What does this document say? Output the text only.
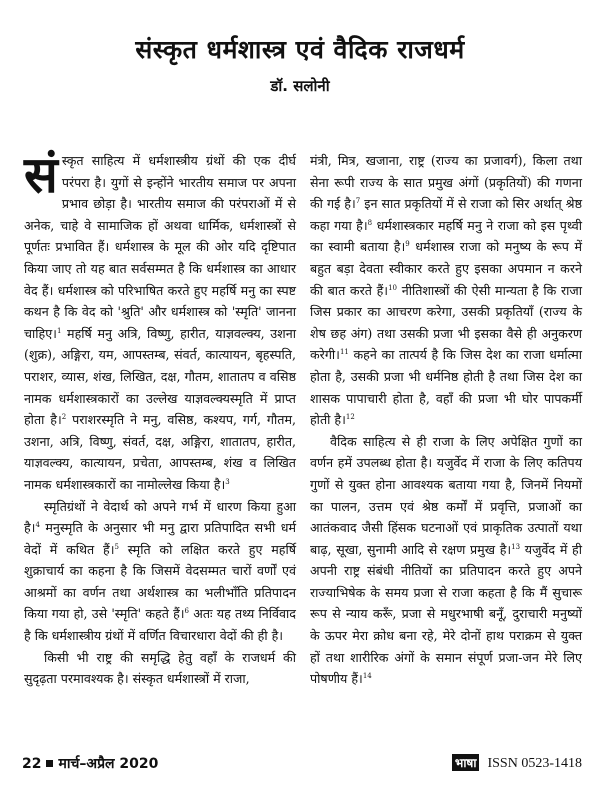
संस्कृत धर्मशास्त्र एवं वैदिक राजधर्म
डॉ. सलोनी

संस्कृत साहित्य में धर्मशास्त्रीय ग्रंथों की एक दीर्घ परंपरा है। युगों से इन्होंने भारतीय समाज पर अपना प्रभाव छोड़ा है। भारतीय समाज की परंपराओं में से अनेक, चाहे वे सामाजिक हों अथवा धार्मिक, धर्मशास्त्रों से पूर्णतः प्रभावित हैं। धर्मशास्त्र के मूल की ओर यदि दृष्टिपात किया जाए तो यह बात सर्वसम्मत है कि धर्मशास्त्र का आधार वेद हैं। धर्मशास्त्र को परिभाषित करते हुए महर्षि मनु का स्पष्ट कथन है कि वेद को 'श्रुति' और धर्मशास्त्र को 'स्मृति' जानना चाहिए।$^1$ महर्षि मनु अत्रि, विष्णु, हारीत, याज्ञवल्क्य, उशना (शुक्र), अङ्गिरा, यम, आपस्तम्ब, संवर्त, कात्यायन, बृहस्पति, पराशर, व्यास, शंख, लिखित, दक्ष, गौतम, शातातप व वसिष्ठ नामक धर्मशास्त्रकारों का उल्लेख याज्ञवल्क्यस्मृति में प्राप्त होता है।$^2$ पराशरस्मृति ने मनु, वसिष्ठ, कश्यप, गर्ग, गौतम, उशना, अत्रि, विष्णु, संवर्त, दक्ष, अङ्गिरा, शातातप, हारीत, याज्ञवल्क्य, कात्यायन, प्रचेता, आपस्तम्ब, शंख व लिखित नामक धर्मशास्त्रकारों का नामोल्लेख किया है।$^3$

स्मृतिग्रंथों ने वेदार्थ को अपने गर्भ में धारण किया हुआ है।$^4$ मनुस्मृति के अनुसार भी मनु द्वारा प्रतिपादित सभी धर्म वेदों में कथित हैं।$^5$ स्मृति को लक्षित करते हुए महर्षि शुक्राचार्य का कहना है कि जिसमें वेदसम्मत चारों वर्णों एवं आश्रमों का वर्णन तथा अर्थशास्त्र का भलीभाँति प्रतिपादन किया गया हो, उसे 'स्मृति' कहते हैं।$^6$ अतः यह तथ्य निर्विवाद है कि धर्मशास्त्रीय ग्रंथों में वर्णित विचारधारा वेदों की ही है।

किसी भी राष्ट्र की समृद्धि हेतु वहाँ के राजधर्म की सुदृढ़ता परमावश्यक है। संस्कृत धर्मशास्त्रों में राजा,

मंत्री, मित्र, खजाना, राष्ट्र (राज्य का प्रजावर्ग), किला तथा सेना रूपी राज्य के सात प्रमुख अंगों (प्रकृतियों) की गणना की गई है।$^7$ इन सात प्रकृतियों में से राजा को सिर अर्थात् श्रेष्ठ कहा गया है।$^8$ धर्मशास्त्रकार महर्षि मनु ने राजा को इस पृथ्वी का स्वामी बताया है।$^9$ धर्मशास्त्र राजा को मनुष्य के रूप में बहुत बड़ा देवता स्वीकार करते हुए इसका अपमान न करने की बात करते हैं।$^{10}$ नीतिशास्त्रों की ऐसी मान्यता है कि राजा जिस प्रकार का आचरण करेगा, उसकी प्रकृतियाँ (राज्य के शेष छह अंग) तथा उसकी प्रजा भी इसका वैसे ही अनुकरण करेगी।$^{11}$ कहने का तात्पर्य है कि जिस देश का राजा धर्मात्मा होता है, उसकी प्रजा भी धर्मनिष्ठ होती है तथा जिस देश का शासक पापाचारी होता है, वहाँ की प्रजा भी घोर पापकर्मी होती है।$^{12}$

वैदिक साहित्य से ही राजा के लिए अपेक्षित गुणों का वर्णन हमें उपलब्ध होता है। यजुर्वेद में राजा के लिए कतिपय गुणों से युक्त होना आवश्यक बताया गया है, जिनमें नियमों का पालन, उत्तम एवं श्रेष्ठ कर्मों में प्रवृत्ति, प्रजाओं का आतंकवाद जैसी हिंसक घटनाओं एवं प्राकृतिक उत्पातों यथा बाढ़, सूखा, सुनामी आदि से रक्षण प्रमुख है।$^{13}$ यजुर्वेद में ही अपनी राष्ट्र संबंधी नीतियों का प्रतिपादन करते हुए अपने राज्याभिषेक के समय प्रजा से राजा कहता है कि मैं सुचारू रूप से न्याय करूँ, प्रजा से मधुरभाषी बनूँ, दुराचारी मनुष्यों के ऊपर मेरा क्रोध बना रहे, मेरे दोनों हाथ पराक्रम से युक्त हों तथा शारीरिक अंगों के समान संपूर्ण प्रजा-जन मेरे लिए पोषणीय हैं।$^{14}$

22 मार्च–अप्रैल 2020	भाषा ISSN 0523-1418
